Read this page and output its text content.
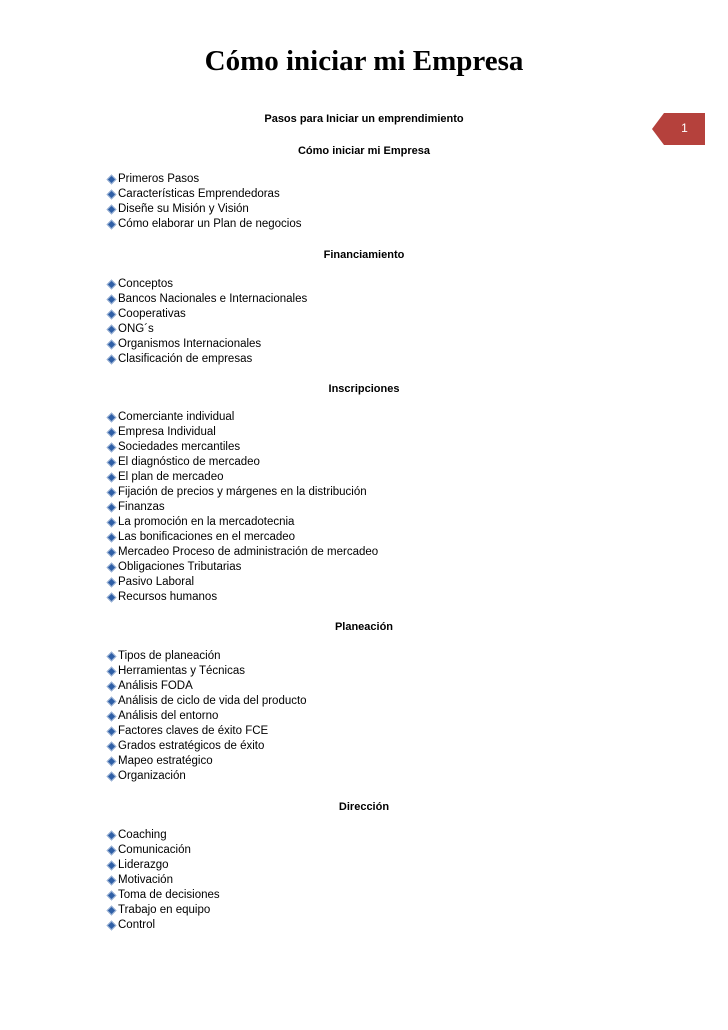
Cómo iniciar mi Empresa
1
Pasos para Iniciar un emprendimiento
Cómo iniciar mi Empresa
Primeros Pasos
Características Emprendedoras
Diseñe su Misión y Visión
Cómo elaborar un Plan de negocios
Financiamiento
Conceptos
Bancos Nacionales e Internacionales
Cooperativas
ONG´s
Organismos Internacionales
Clasificación de empresas
Inscripciones
Comerciante individual
Empresa Individual
Sociedades mercantiles
El diagnóstico de mercadeo
El plan de mercadeo
Fijación de precios y márgenes en la distribución
Finanzas
La promoción en la mercadotecnia
Las bonificaciones en el mercadeo
Mercadeo Proceso de administración de mercadeo
Obligaciones Tributarias
Pasivo Laboral
Recursos humanos
Planeación
Tipos de planeación
Herramientas y Técnicas
Análisis FODA
Análisis de ciclo de vida del producto
Análisis del entorno
Factores claves de éxito FCE
Grados estratégicos de éxito
Mapeo estratégico
Organización
Dirección
Coaching
Comunicación
Liderazgo
Motivación
Toma de decisiones
Trabajo en equipo
Control
